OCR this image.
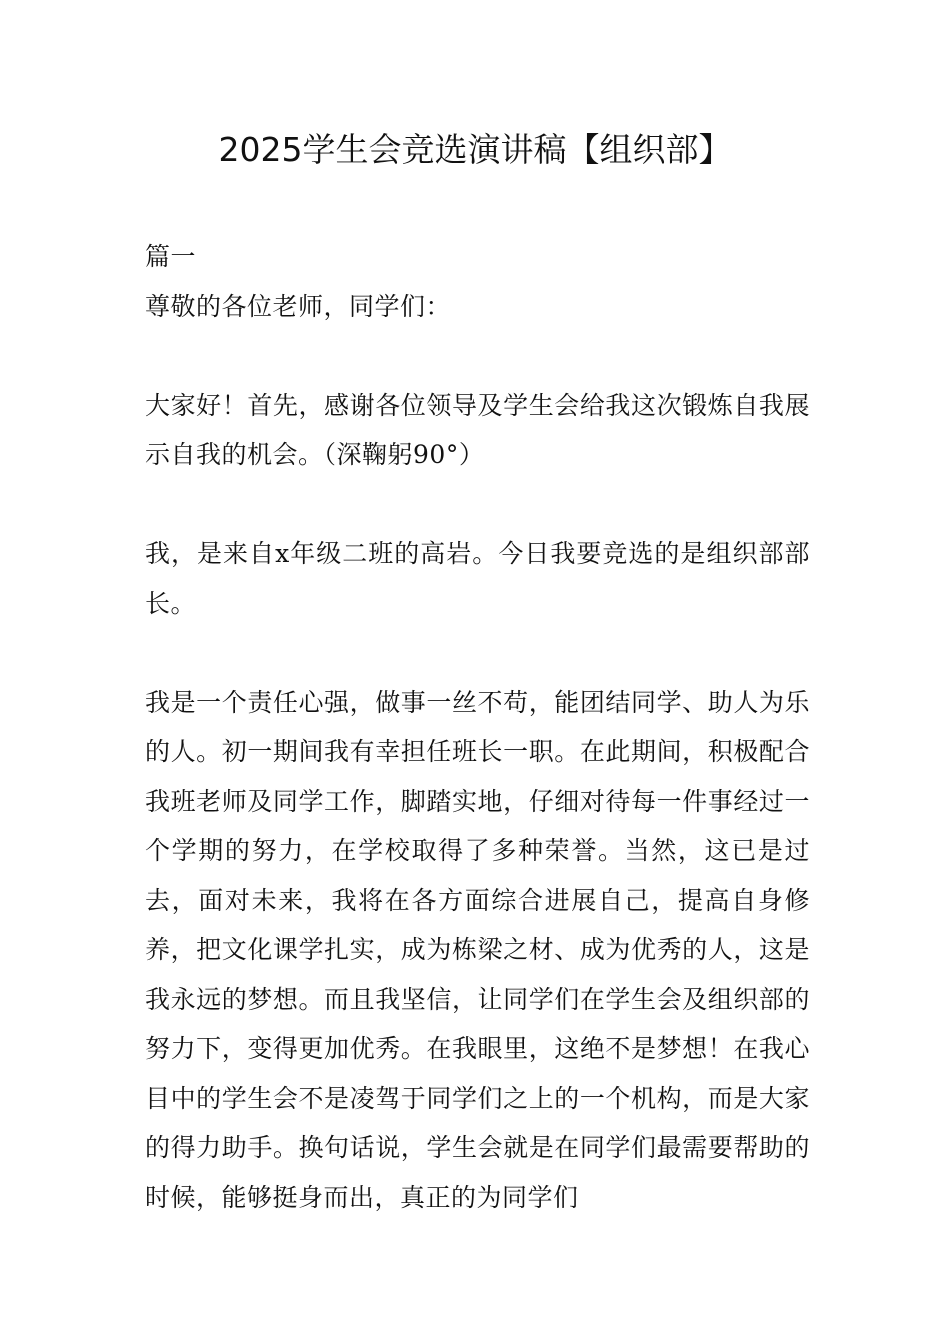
2025学生会竞选演讲稿【组织部】

篇一

尊敬的各位老师，同学们：

大家好！首先，感谢各位领导及学生会给我这次锻炼自我展示自我的机会。（深鞠躬90°）

我，是来自x年级二班的高岩。今日我要竞选的是组织部部长。

我是一个责任心强，做事一丝不苟，能团结同学、助人为乐的人。初一期间我有幸担任班长一职。在此期间，积极配合我班老师及同学工作，脚踏实地，仔细对待每一件事经过一个学期的努力，在学校取得了多种荣誉。当然，这已是过去，面对未来，我将在各方面综合进展自己，提高自身修养，把文化课学扎实，成为栋梁之材、成为优秀的人，这是我永远的梦想。而且我坚信，让同学们在学生会及组织部的努力下，变得更加优秀。在我眼里，这绝不是梦想！在我心目中的学生会不是凌驾于同学们之上的一个机构，而是大家的得力助手。换句话说，学生会就是在同学们最需要帮助的时候，能够挺身而出，真正的为同学们
